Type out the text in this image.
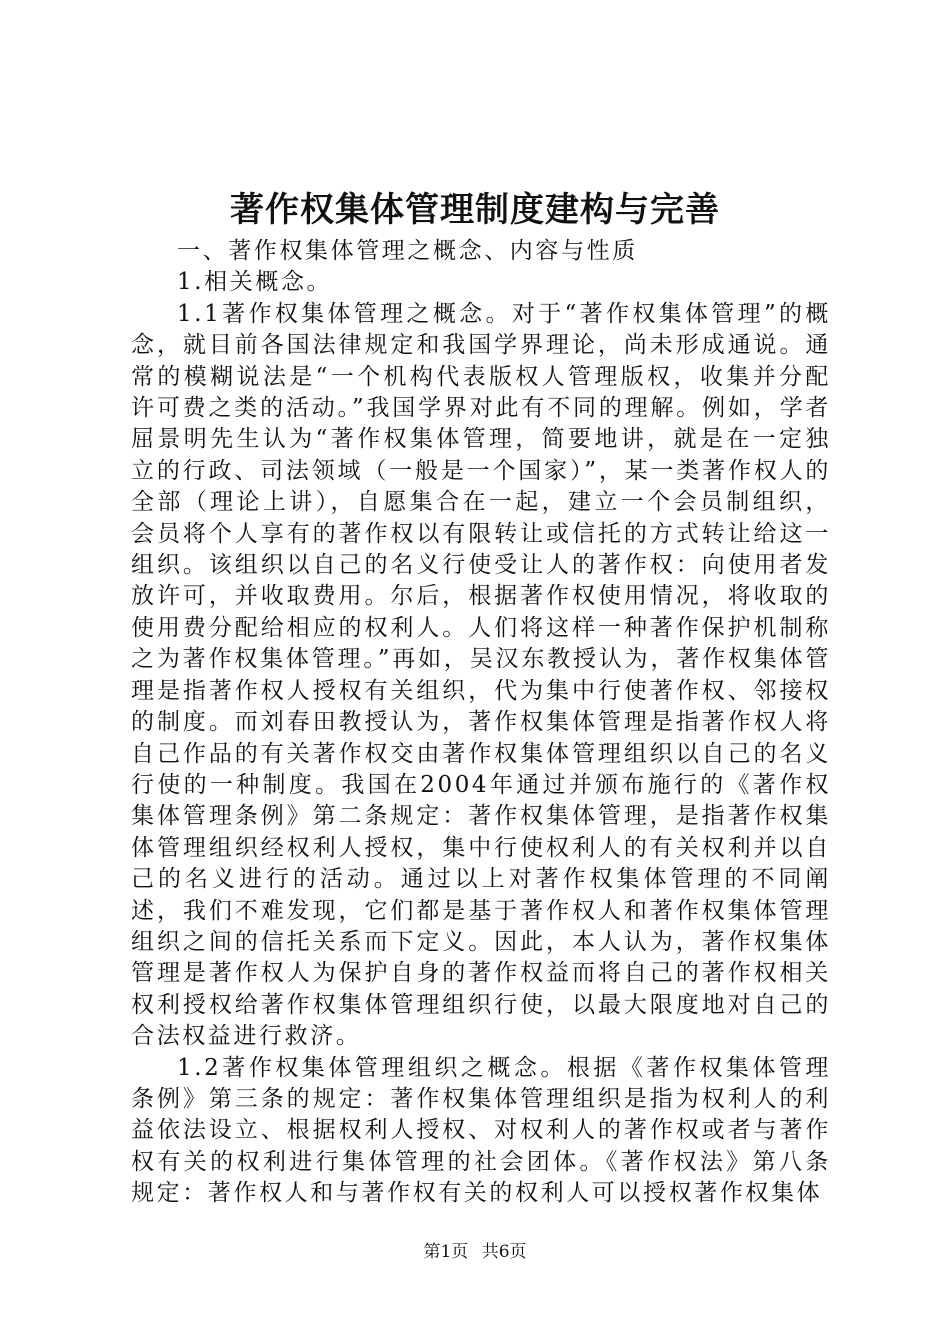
著作权集体管理制度建构与完善

一、著作权集体管理之概念、内容与性质

1.相关概念。

1.1著作权集体管理之概念。对于“著作权集体管理”的概念，就目前各国法律规定和我国学界理论，尚未形成通说。通常的模糊说法是“一个机构代表版权人管理版权，收集并分配许可费之类的活动。”我国学界对此有不同的理解。例如，学者屈景明先生认为“著作权集体管理，简要地讲，就是在一定独立的行政、司法领域（一般是一个国家）”，某一类著作权人的全部（理论上讲），自愿集合在一起，建立一个会员制组织，会员将个人享有的著作权以有限转让或信托的方式转让给这一组织。该组织以自己的名义行使受让人的著作权：向使用者发放许可，并收取费用。尔后，根据著作权使用情况，将收取的使用费分配给相应的权利人。人们将这样一种著作保护机制称之为著作权集体管理。”再如，吴汉东教授认为，著作权集体管理是指著作权人授权有关组织，代为集中行使著作权、邻接权的制度。而刘春田教授认为，著作权集体管理是指著作权人将自己作品的有关著作权交由著作权集体管理组织以自己的名义行使的一种制度。我国在2004年通过并颁布施行的《著作权集体管理条例》第二条规定：著作权集体管理，是指著作权集体管理组织经权利人授权，集中行使权利人的有关权利并以自己的名义进行的活动。通过以上对著作权集体管理的不同阐述，我们不难发现，它们都是基于著作权人和著作权集体管理组织之间的信托关系而下定义。因此，本人认为，著作权集体管理是著作权人为保护自身的著作权益而将自己的著作权相关权利授权给著作权集体管理组织行使，以最大限度地对自己的合法权益进行救济。

1.2著作权集体管理组织之概念。根据《著作权集体管理条例》第三条的规定：著作权集体管理组织是指为权利人的利益依法设立、根据权利人授权、对权利人的著作权或者与著作权有关的权利进行集体管理的社会团体。《著作权法》第八条规定：著作权人和与著作权有关的权利人可以授权著作权集体

第1页 共6页
